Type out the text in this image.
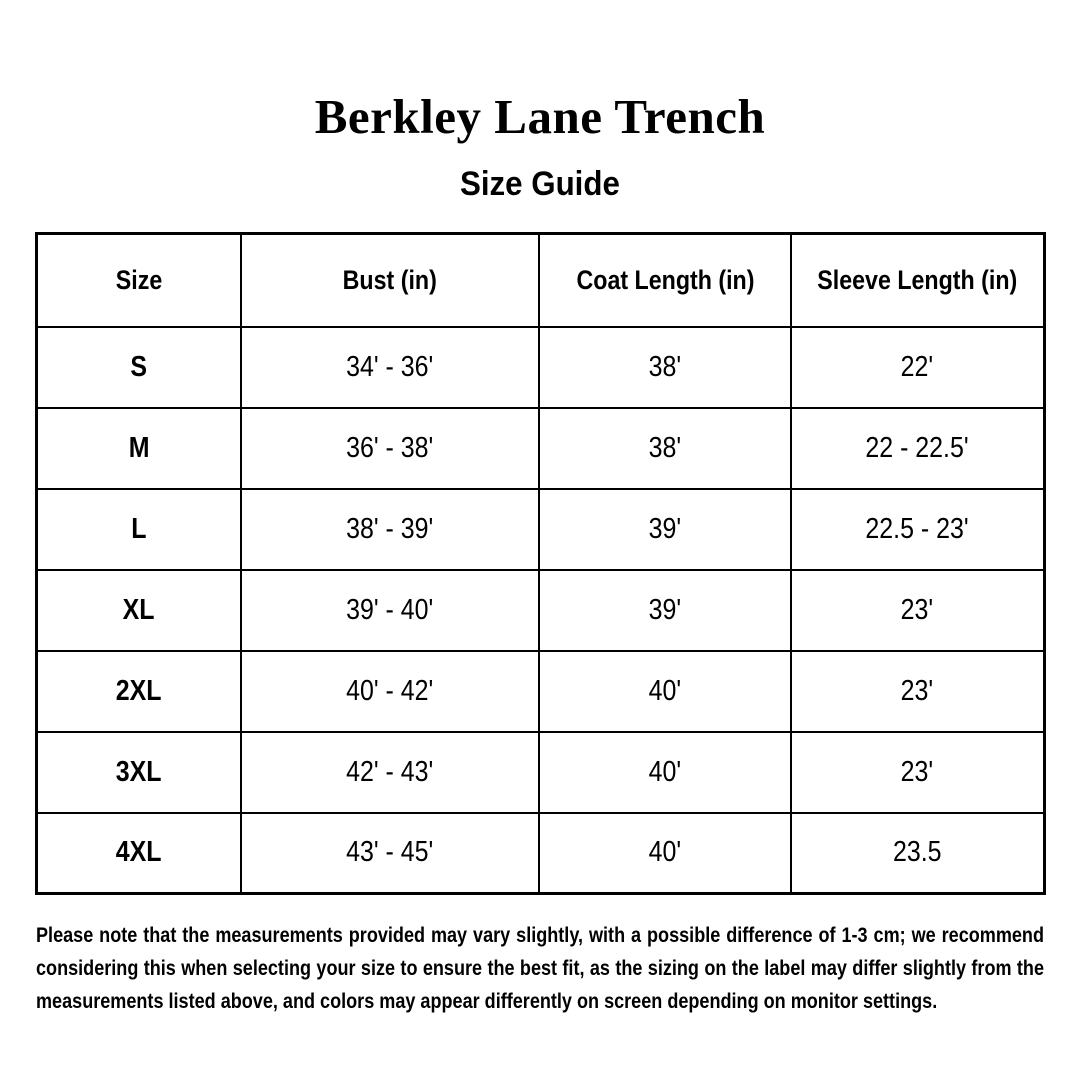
Berkley Lane Trench
Size Guide
Size	Bust (in)	Coat Length (in)	Sleeve Length (in)
S	34' - 36'	38'	22'
M	36' - 38'	38'	22 - 22.5'
L	38' - 39'	39'	22.5 - 23'
XL	39' - 40'	39'	23'
2XL	40' - 42'	40'	23'
3XL	42' - 43'	40'	23'
4XL	43' - 45'	40'	23.5

Please note that the measurements provided may vary slightly, with a possible difference of 1-3 cm; we recommend considering this when selecting your size to ensure the best fit, as the sizing on the label may differ slightly from the measurements listed above, and colors may appear differently on screen depending on monitor settings.
